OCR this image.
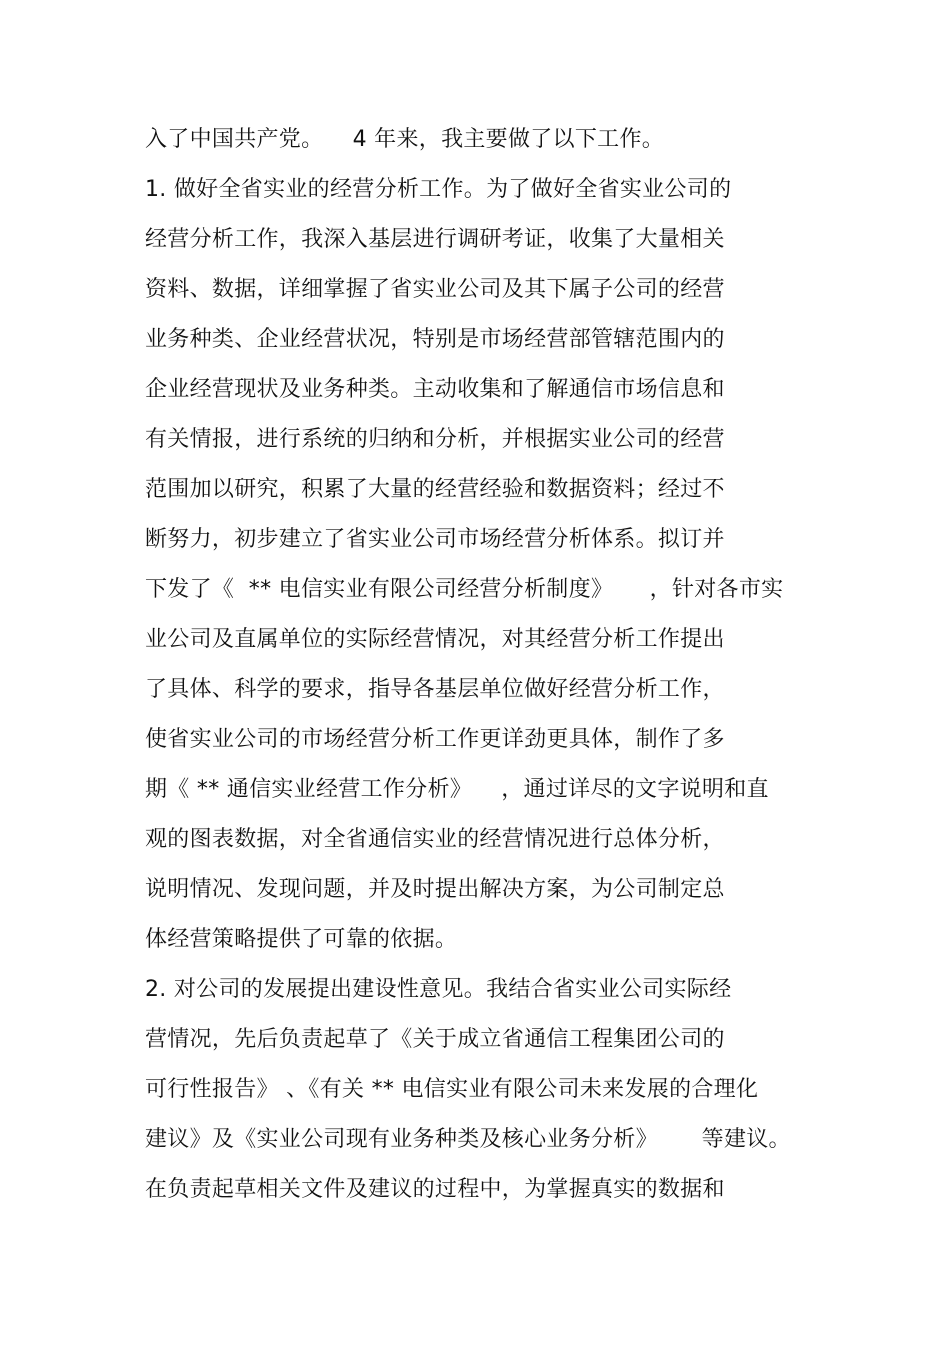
入了中国共产党。    4 年来，我主要做了以下工作。
1. 做好全省实业的经营分析工作。为了做好全省实业公司的
经营分析工作，我深入基层进行调研考证，收集了大量相关
资料、数据，详细掌握了省实业公司及其下属子公司的经营
业务种类、企业经营状况，特别是市场经营部管辖范围内的
企业经营现状及业务种类。主动收集和了解通信市场信息和
有关情报，进行系统的归纳和分析，并根据实业公司的经营
范围加以研究，积累了大量的经营经验和数据资料；经过不
断努力，初步建立了省实业公司市场经营分析体系。拟订并
下发了《  ** 电信实业有限公司经营分析制度》     ，针对各市实
业公司及直属单位的实际经营情况，对其经营分析工作提出
了具体、科学的要求，指导各基层单位做好经营分析工作，
使省实业公司的市场经营分析工作更详劲更具体，制作了多
期《 ** 通信实业经营工作分析》    ，通过详尽的文字说明和直
观的图表数据，对全省通信实业的经营情况进行总体分析，
说明情况、发现问题，并及时提出解决方案，为公司制定总
体经营策略提供了可靠的依据。
2. 对公司的发展提出建设性意见。我结合省实业公司实际经
营情况，先后负责起草了《关于成立省通信工程集团公司的
可行性报告》 、《有关 ** 电信实业有限公司未来发展的合理化
建议》及《实业公司现有业务种类及核心业务分析》      等建议。
在负责起草相关文件及建议的过程中，为掌握真实的数据和
